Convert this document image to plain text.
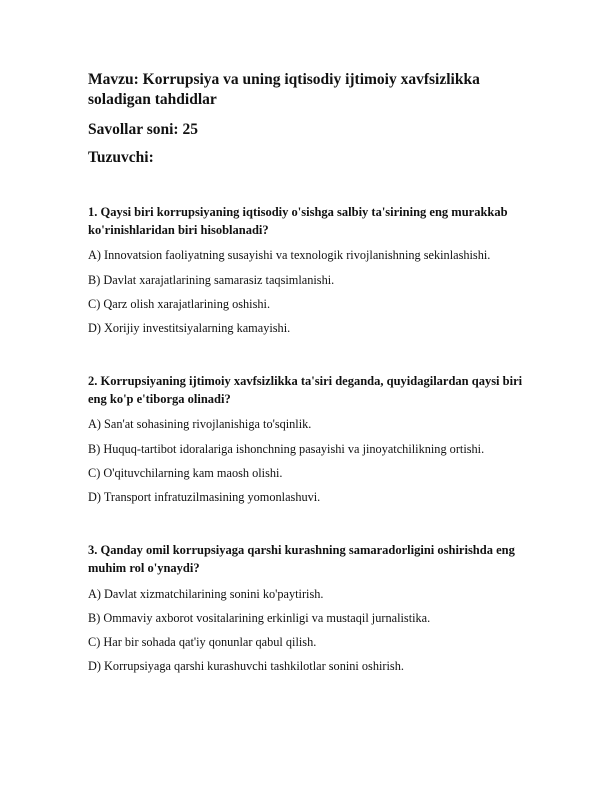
Mavzu: Korrupsiya va uning iqtisodiy ijtimoiy xavfsizlikka soladigan tahdidlar

Savollar soni: 25

Tuzuvchi:

1. Qaysi biri korrupsiyaning iqtisodiy o'sishga salbiy ta'sirining eng murakkab ko'rinishlaridan biri hisoblanadi?

A) Innovatsion faoliyatning susayishi va texnologik rivojlanishning sekinlashishi.

B) Davlat xarajatlarining samarasiz taqsimlanishi.

C) Qarz olish xarajatlarining oshishi.

D) Xorijiy investitsiyalarning kamayishi.

2. Korrupsiyaning ijtimoiy xavfsizlikka ta'siri deganda, quyidagilardan qaysi biri eng ko'p e'tiborga olinadi?

A) San'at sohasining rivojlanishiga to'sqinlik.

B) Huquq-tartibot idoralariga ishonchning pasayishi va jinoyatchilikning ortishi.

C) O'qituvchilarning kam maosh olishi.

D) Transport infratuzilmasining yomonlashuvi.

3. Qanday omil korrupsiyaga qarshi kurashning samaradorligini oshirishda eng muhim rol o'ynaydi?

A) Davlat xizmatchilarining sonini ko'paytirish.

B) Ommaviy axborot vositalarining erkinligi va mustaqil jurnalistika.

C) Har bir sohada qat'iy qonunlar qabul qilish.

D) Korrupsiyaga qarshi kurashuvchi tashkilotlar sonini oshirish.
